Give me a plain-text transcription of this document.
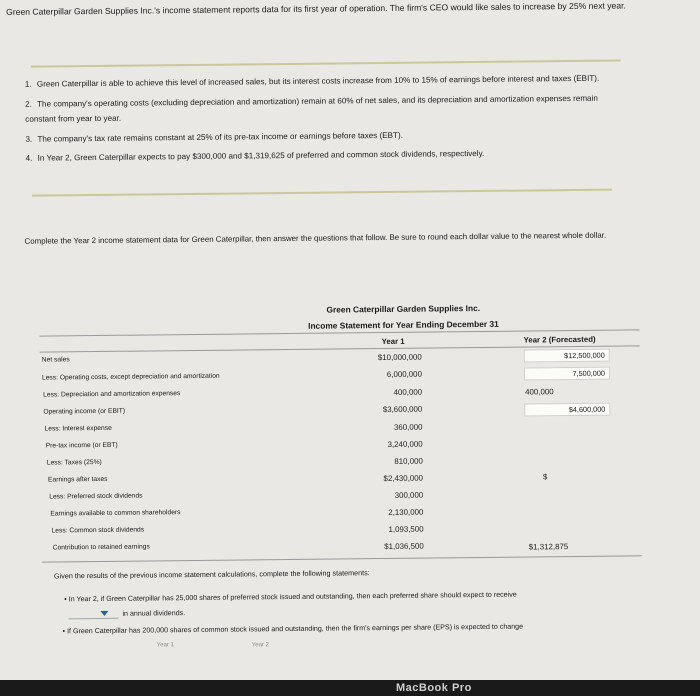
Green Caterpillar Garden Supplies Inc.'s income statement reports data for its first year of operation. The firm's CEO would like sales to increase by 25% next year.
1. Green Caterpillar is able to achieve this level of increased sales, but its interest costs increase from 10% to 15% of earnings before interest and taxes (EBIT).
2. The company's operating costs (excluding depreciation and amortization) remain at 60% of net sales, and its depreciation and amortization expenses remain constant from year to year.
3. The company's tax rate remains constant at 25% of its pre-tax income or earnings before taxes (EBT).
4. In Year 2, Green Caterpillar expects to pay $300,000 and $1,319,625 of preferred and common stock dividends, respectively.
Complete the Year 2 income statement data for Green Caterpillar, then answer the questions that follow. Be sure to round each dollar value to the nearest whole dollar.
Green Caterpillar Garden Supplies Inc.
Income Statement for Year Ending December 31
Year 1	Year 2 (Forecasted)
Net sales	$10,000,000	$12,500,000
Less: Operating costs, except depreciation and amortization	6,000,000	7,500,000
Less: Depreciation and amortization expenses	400,000	400,000
Operating income (or EBIT)	$3,600,000	$4,600,000
Less: Interest expense	360,000
Pre-tax income (or EBT)	3,240,000
Less: Taxes (25%)	810,000
Earnings after taxes	$2,430,000	$
Less: Preferred stock dividends	300,000
Earnings available to common shareholders	2,130,000
Less: Common stock dividends	1,093,500
Contribution to retained earnings	$1,036,500	$1,312,875
Given the results of the previous income statement calculations, complete the following statements:
• In Year 2, if Green Caterpillar has 25,000 shares of preferred stock issued and outstanding, then each preferred share should expect to receive
in annual dividends.
• If Green Caterpillar has 200,000 shares of common stock issued and outstanding, then the firm's earnings per share (EPS) is expected to change
Year 1	Year 2
MacBook Pro
